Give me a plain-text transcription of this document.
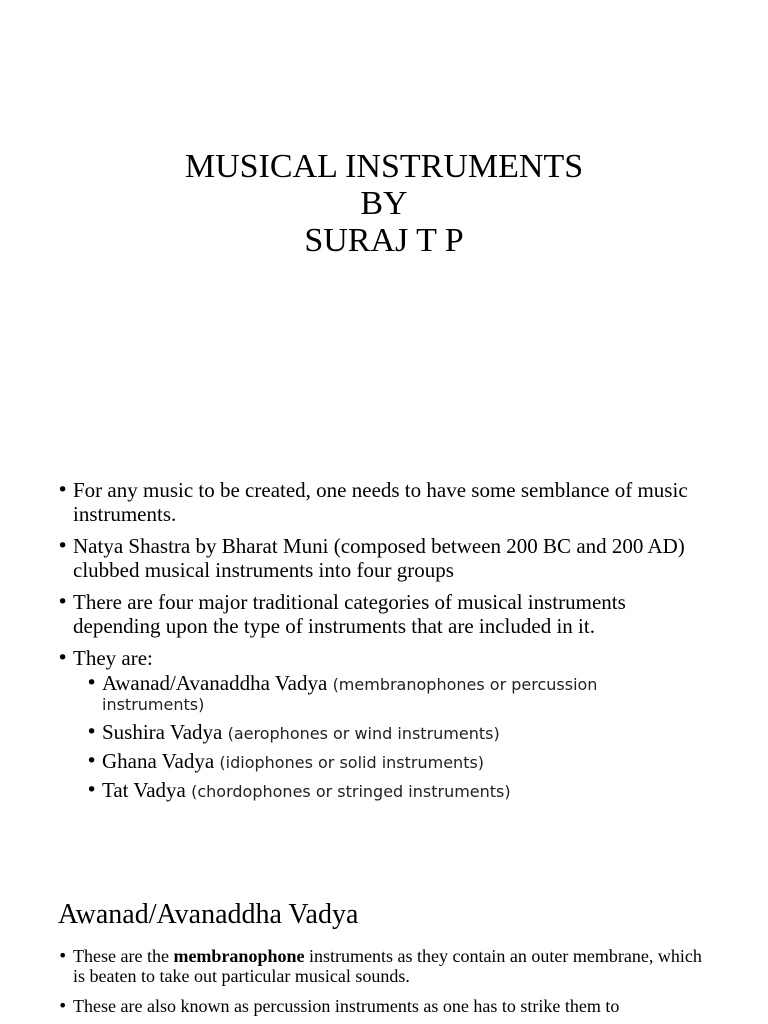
MUSICAL INSTRUMENTS
BY
SURAJ T P
• For any music to be created, one needs to have some semblance of music instruments.
• Natya Shastra by Bharat Muni (composed between 200 BC and 200 AD) clubbed musical instruments into four groups
• There are four major traditional categories of musical instruments depending upon the type of instruments that are included in it.
• They are:
• Awanad/Avanaddha Vadya (membranophones or percussion instruments)
• Sushira Vadya (aerophones or wind instruments)
• Ghana Vadya (idiophones or solid instruments)
• Tat Vadya (chordophones or stringed instruments)
Awanad/Avanaddha Vadya
• These are the membranophone instruments as they contain an outer membrane, which is beaten to take out particular musical sounds.
• These are also known as percussion instruments as one has to strike them to
